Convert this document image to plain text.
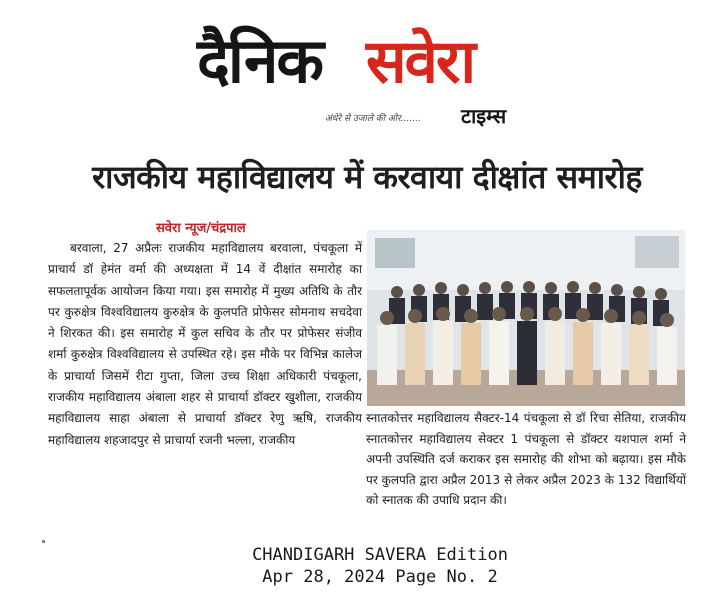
दैनिक सवेरा
अंधेरे से उजाले की ओर....... टाइम्स
राजकीय महाविद्यालय में करवाया दीक्षांत समारोह
सवेरा न्यूज/चंद्रपाल

बरवाला, 27 अप्रैलः राजकीय महाविद्यालय बरवाला, पंचकूला में प्राचार्य डॉ हेमंत वर्मा की अध्यक्षता में 14 वें दीक्षांत समारोह का सफलतापूर्वक आयोजन किया गया। इस समारोह में मुख्य अतिथि के तौर पर कुरुक्षेत्र विश्वविद्यालय कुरुक्षेत्र के कुलपति प्रोफेसर सोमनाथ सचदेवा ने शिरकत की। इस समारोह में कुल सचिव के तौर पर प्रोफेसर संजीव शर्मा कुरुक्षेत्र विश्वविद्यालय से उपस्थित रहे। इस मौके पर विभिन्न कालेज के प्राचार्या जिसमें रीटा गुप्ता, जिला उच्च शिक्षा अधिकारी पंचकूला, राजकीय महाविद्यालय अंबाला शहर से प्राचार्या डॉक्टर खुशीला, राजकीय महाविद्यालय साहा अंबाला से प्राचार्या डॉक्टर रेणु ऋषि, राजकीय महाविद्यालय शहजादपुर से प्राचार्या रजनी भल्ला, राजकीय

स्नातकोत्तर महाविद्यालय सैक्टर-14 पंचकूला से डॉ रिचा सेतिया, राजकीय स्नातकोत्तर महाविद्यालय सेक्टर 1 पंचकूला से डॉक्टर यशपाल शर्मा ने अपनी उपस्थिति दर्ज कराकर इस समारोह की शोभा को बढ़ाया। इस मौके पर कुलपति द्वारा अप्रैल 2013 से लेकर अप्रैल 2023 के 132 विद्यार्थियों को स्नातक की उपाधि प्रदान की।

CHANDIGARH SAVERA Edition
Apr 28, 2024 Page No. 2
